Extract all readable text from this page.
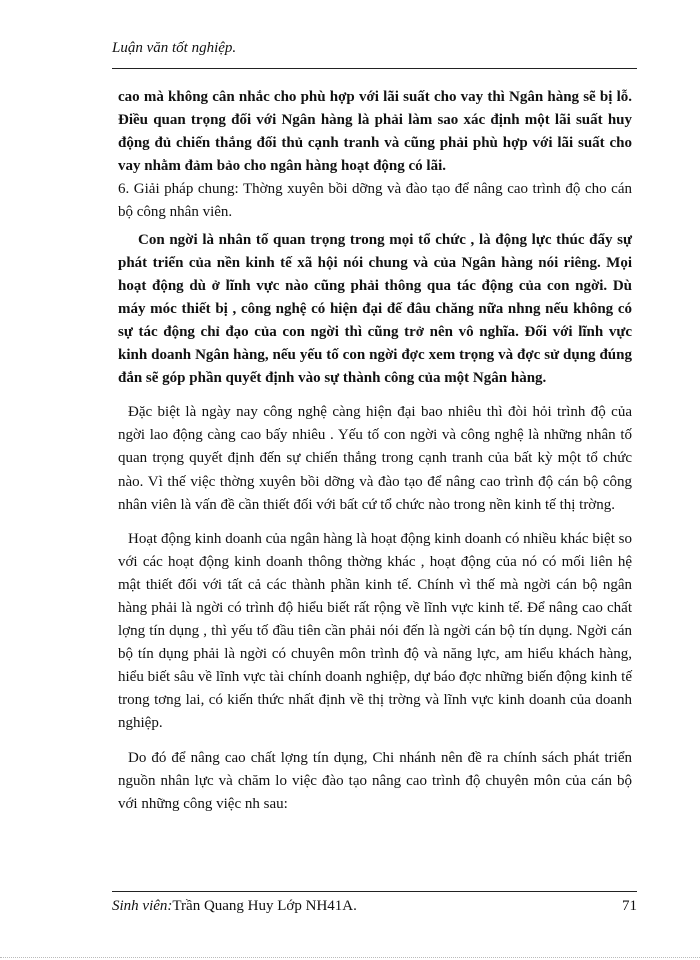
Luận văn tốt nghiệp.

cao mà không cân nhắc cho phù hợp với lãi suất cho vay thì Ngân hàng sẽ bị lỗ. Điều quan trọng đối với Ngân hàng là phải làm sao xác định một lãi suất huy động đủ chiến thắng đối thủ cạnh tranh và cũng phải phù hợp với lãi suất cho vay nhằm đảm bảo cho ngân hàng hoạt động có lãi.

6. Giải pháp chung: Thờng xuyên bồi dỡng và đào tạo để nâng cao trình độ cho cán bộ công nhân viên.

Con ngời là nhân tố quan trọng trong mọi tổ chức , là động lực thúc đẩy sự phát triển của nền kinh tế xã hội nói chung và của Ngân hàng nói riêng. Mọi hoạt động dù ở lĩnh vực nào cũng phải thông qua tác động của con ngời. Dù máy móc thiết bị , công nghệ có hiện đại đế đâu chăng nữa nhng nếu không có sự tác động chỉ đạo của con ngời thì cũng trở nên vô nghĩa. Đối với lĩnh vực kinh doanh Ngân hàng, nếu yếu tố con ngời đợc xem trọng và đợc sử dụng đúng đắn sẽ góp phần quyết định vào sự thành công của một Ngân hàng.

Đặc biệt là ngày nay công nghệ càng hiện đại bao nhiêu thì đòi hỏi trình độ của ngời lao động càng cao bấy nhiêu . Yếu tố con ngời và công nghệ là những nhân tố quan trọng quyết định đến sự chiến thắng trong cạnh tranh của bất kỳ một tổ chức nào. Vì thế việc thờng xuyên bồi dỡng và đào tạo để nâng cao trình độ cán bộ công nhân viên là vấn đề cần thiết đối với bất cứ tổ chức nào trong nền kinh tế thị trờng.

Hoạt động kinh doanh của ngân hàng là hoạt động kinh doanh có nhiều khác biệt so với các hoạt động kinh doanh thông thờng khác , hoạt động của nó có mối liên hệ mật thiết đối với tất cả các thành phần kinh tế. Chính vì thế mà ngời cán bộ ngân hàng phải là ngời có trình độ hiểu biết rất rộng về lĩnh vực kinh tế. Để nâng cao chất lợng tín dụng , thì yếu tố đầu tiên cần phải nói đến là ngời cán bộ tín dụng. Ngời cán bộ tín dụng phải là ngời có chuyên môn trình độ và năng lực, am hiểu khách hàng, hiểu biết sâu về lĩnh vực tài chính doanh nghiệp, dự báo đợc những biến động kinh tế trong tơng lai, có kiến thức nhất định về thị trờng và lĩnh vực kinh doanh của doanh nghiệp.

Do đó để nâng cao chất lợng tín dụng, Chi nhánh nên đề ra chính sách phát triển nguồn nhân lực và chăm lo việc đào tạo nâng cao trình độ chuyên môn của cán bộ với những công việc nh sau:

Sinh viên:Trần Quang Huy Lớp NH41A.	71
